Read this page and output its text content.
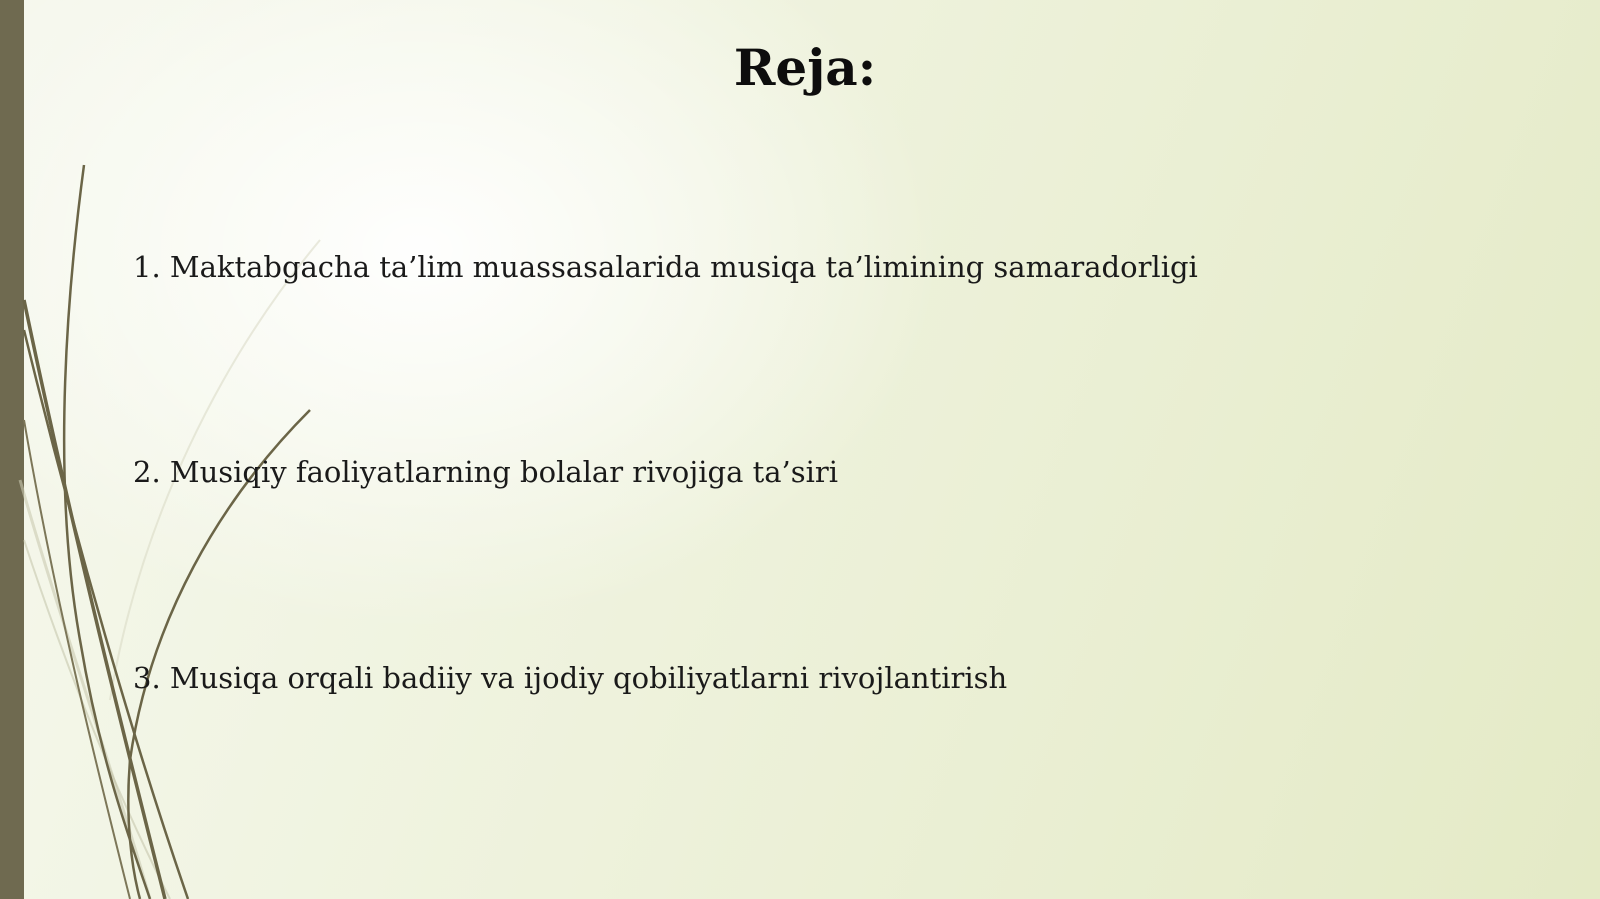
Reja:

1. Maktabgacha ta’lim muassasalarida musiqa ta’limining samaradorligi

2. Musiqiy faoliyatlarning bolalar rivojiga ta’siri

3. Musiqa orqali badiiy va ijodiy qobiliyatlarni rivojlantirish
